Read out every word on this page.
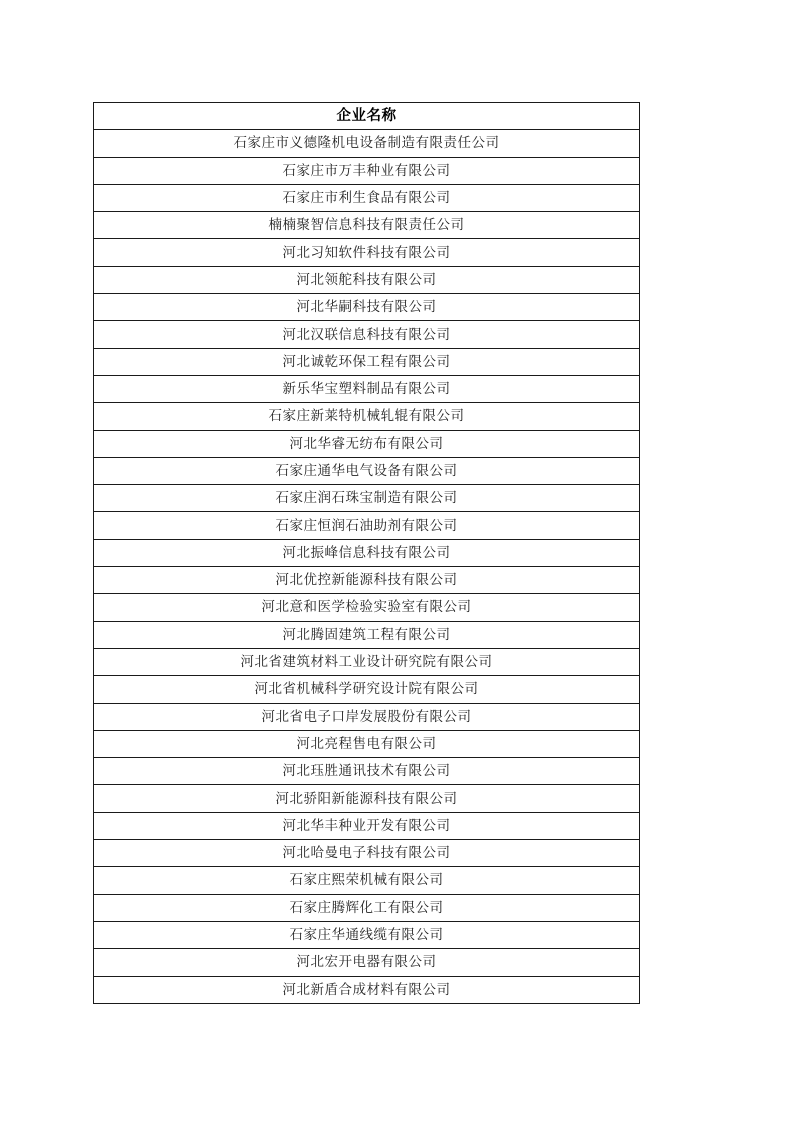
企业名称
石家庄市义德隆机电设备制造有限责任公司
石家庄市万丰种业有限公司
石家庄市利生食品有限公司
楠楠聚智信息科技有限责任公司
河北习知软件科技有限公司
河北领舵科技有限公司
河北华嗣科技有限公司
河北汉联信息科技有限公司
河北诚乾环保工程有限公司
新乐华宝塑料制品有限公司
石家庄新莱特机械轧辊有限公司
河北华睿无纺布有限公司
石家庄通华电气设备有限公司
石家庄润石珠宝制造有限公司
石家庄恒润石油助剂有限公司
河北振峰信息科技有限公司
河北优控新能源科技有限公司
河北意和医学检验实验室有限公司
河北腾固建筑工程有限公司
河北省建筑材料工业设计研究院有限公司
河北省机械科学研究设计院有限公司
河北省电子口岸发展股份有限公司
河北亮程售电有限公司
河北珏胜通讯技术有限公司
河北骄阳新能源科技有限公司
河北华丰种业开发有限公司
河北哈曼电子科技有限公司
石家庄熙荣机械有限公司
石家庄腾辉化工有限公司
石家庄华通线缆有限公司
河北宏开电器有限公司
河北新盾合成材料有限公司
